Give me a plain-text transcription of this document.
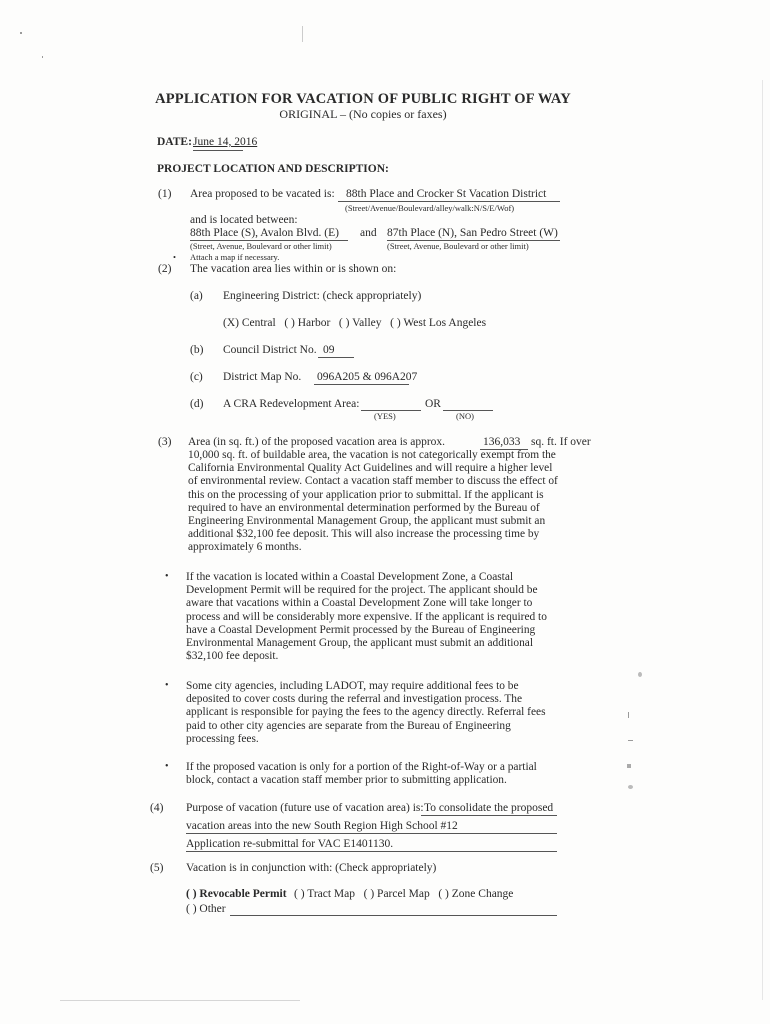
APPLICATION FOR VACATION OF PUBLIC RIGHT OF WAY
ORIGINAL – (No copies or faxes)
DATE: June 14, 2016
PROJECT LOCATION AND DESCRIPTION:
(1) Area proposed to be vacated is: 88th Place and Crocker St Vacation District
(Street/Avenue/Boulevard/alley/walk:N/S/E/Wof)
and is located between:
88th Place (S), Avalon Blvd. (E) and 87th Place (N), San Pedro Street (W)
(Street, Avenue, Boulevard or other limit)	(Street, Avenue, Boulevard or other limit)
• Attach a map if necessary.
(2) The vacation area lies within or is shown on:
(a) Engineering District: (check appropriately)
(X) Central   ( ) Harbor   ( ) Valley   ( ) West Los Angeles
(b) Council District No. 09
(c) District Map No. 096A205 & 096A207
(d) A CRA Redevelopment Area:	OR
(YES)	(NO)
(3) Area (in sq. ft.) of the proposed vacation area is approx.	136,033 sq. ft. If over
10,000 sq. ft. of buildable area, the vacation is not categorically exempt from the
California Environmental Quality Act Guidelines and will require a higher level
of environmental review. Contact a vacation staff member to discuss the effect of
this on the processing of your application prior to submittal. If the applicant is
required to have an environmental determination performed by the Bureau of
Engineering Environmental Management Group, the applicant must submit an
additional $32,100 fee deposit. This will also increase the processing time by
approximately 6 months.
• If the vacation is located within a Coastal Development Zone, a Coastal
Development Permit will be required for the project. The applicant should be
aware that vacations within a Coastal Development Zone will take longer to
process and will be considerably more expensive. If the applicant is required to
have a Coastal Development Permit processed by the Bureau of Engineering
Environmental Management Group, the applicant must submit an additional
$32,100 fee deposit.
• Some city agencies, including LADOT, may require additional fees to be
deposited to cover costs during the referral and investigation process. The
applicant is responsible for paying the fees to the agency directly. Referral fees
paid to other city agencies are separate from the Bureau of Engineering
processing fees.
• If the proposed vacation is only for a portion of the Right-of-Way or a partial
block, contact a vacation staff member prior to submitting application.
(4) Purpose of vacation (future use of vacation area) is: To consolidate the proposed
vacation areas into the new South Region High School #12
Application re-submittal for VAC E1401130.
(5) Vacation is in conjunction with: (Check appropriately)
( ) Revocable Permit ( ) Tract Map   ( ) Parcel Map   ( ) Zone Change
( ) Other
